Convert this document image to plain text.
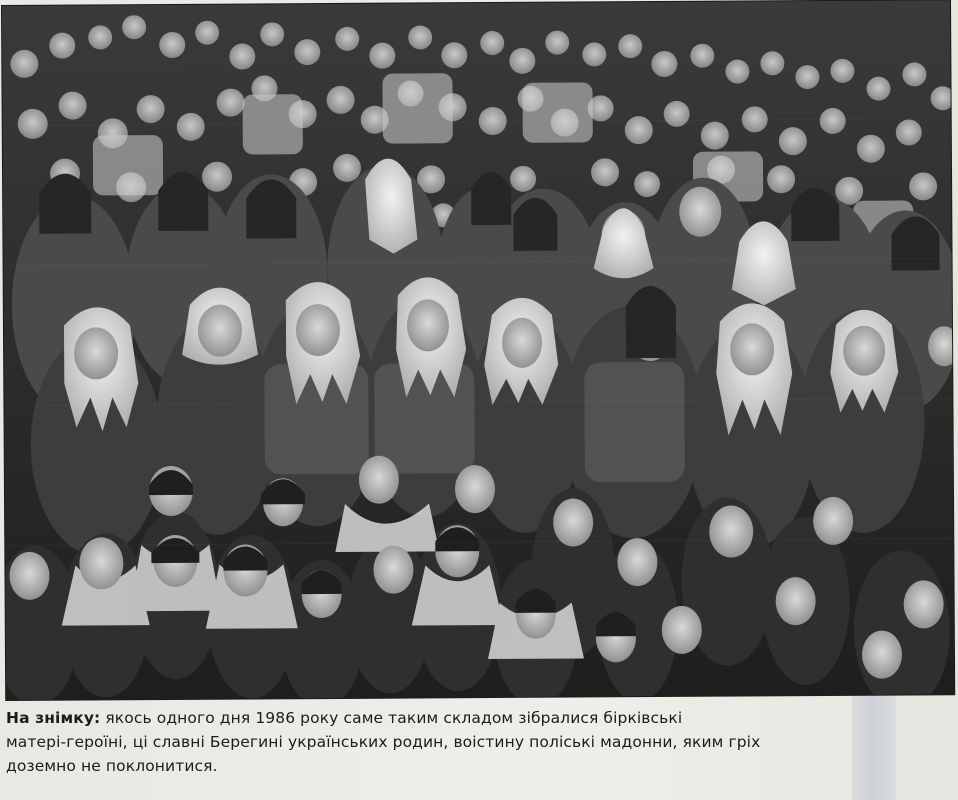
На знімку: якось одного дня 1986 року саме таким складом зібралися бірківські
матері-героїні, ці славні Берегині українських родин, воістину поліські мадонни, яким гріх
доземно не поклонитися.
